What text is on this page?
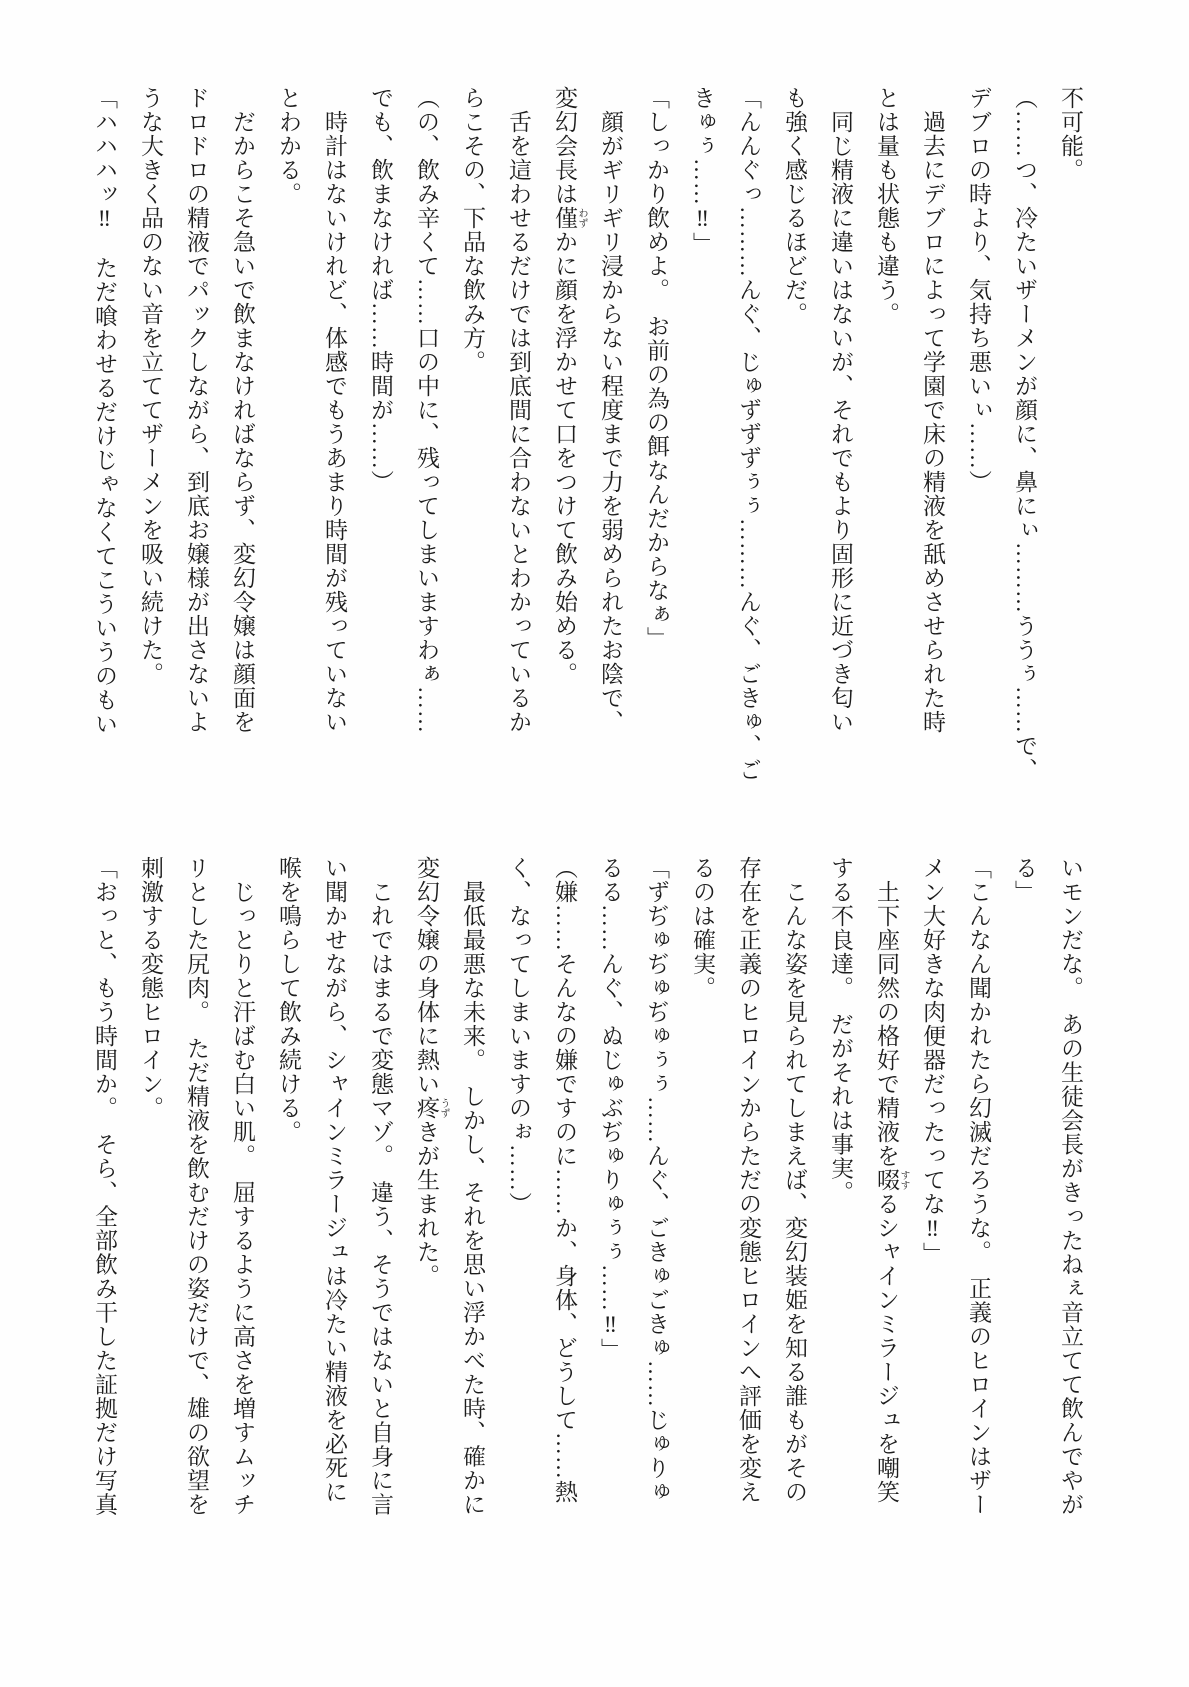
不可能。
（……つ、冷たいザーメンが顔に、鼻にぃ………ううぅ……で、
デブロの時より、気持ち悪いぃ……）
　過去にデブロによって学園で床の精液を舐めさせられた時
とは量も状態も違う。
　同じ精液に違いはないが、それでもより固形に近づき匂い
も強く感じるほどだ。
「んんぐっ………んぐ、じゅずずずぅぅ………んぐ、ごきゅ、ご
きゅぅ……‼」
「しっかり飲めよ。　お前の為の餌なんだからなぁ」
　顔がギリギリ浸からない程度まで力を弱められたお陰で、
変幻会長は僅 わずかに顔を浮かせて口をつけて飲み始める。
　舌を這わせるだけでは到底間に合わないとわかっているか
らこその、下品な飲み方。
（の、飲み辛くて……口の中に、残ってしまいますわぁ……
でも、飲まなければ……時間が……）
　時計はないけれど、体感でもうあまり時間が残っていない
とわかる。
　だからこそ急いで飲まなければならず、変幻令嬢は顔面を
ドロドロの精液でパックしながら、到底お嬢様が出さないよ
うな大きく品のない音を立ててザーメンを吸い続けた。
「ハハハッ‼　ただ喰わせるだけじゃなくてこういうのもい
いモンだな。　あの生徒会長がきったねぇ音立てて飲んでやが
る」
「こんなん聞かれたら幻滅だろうな。　正義のヒロインはザー
メン大好きな肉便器だったってな‼」
　土下座同然の格好で精液を啜 すするシャインミラージュを嘲笑
する不良達。　だがそれは事実。
　こんな姿を見られてしまえば、変幻装姫を知る誰もがその
存在を正義のヒロインからただの変態ヒロインへ評価を変え
るのは確実。
「ずぢゅぢゅぢゅぅぅ……んぐ、ごきゅごきゅ……じゅりゅ
るる……んぐ、ぬじゅぶぢゅりゅぅぅ……‼」
（嫌……そんなの嫌ですのに……か、身体、どうして……熱
く、なってしまいますのぉ……）
　最低最悪な未来。　しかし、それを思い浮かべた時、確かに
変幻令嬢の身体に熱い疼 うずきが生まれた。
　これではまるで変態マゾ。　違う、そうではないと自身に言
い聞かせながら、シャインミラージュは冷たい精液を必死に
喉を鳴らして飲み続ける。
　じっとりと汗ばむ白い肌。　屈するように高さを増すムッチ
リとした尻肉。　ただ精液を飲むだけの姿だけで、雄の欲望を
刺激する変態ヒロイン。
「おっと、もう時間か。　そら、全部飲み干した証拠だけ写真
